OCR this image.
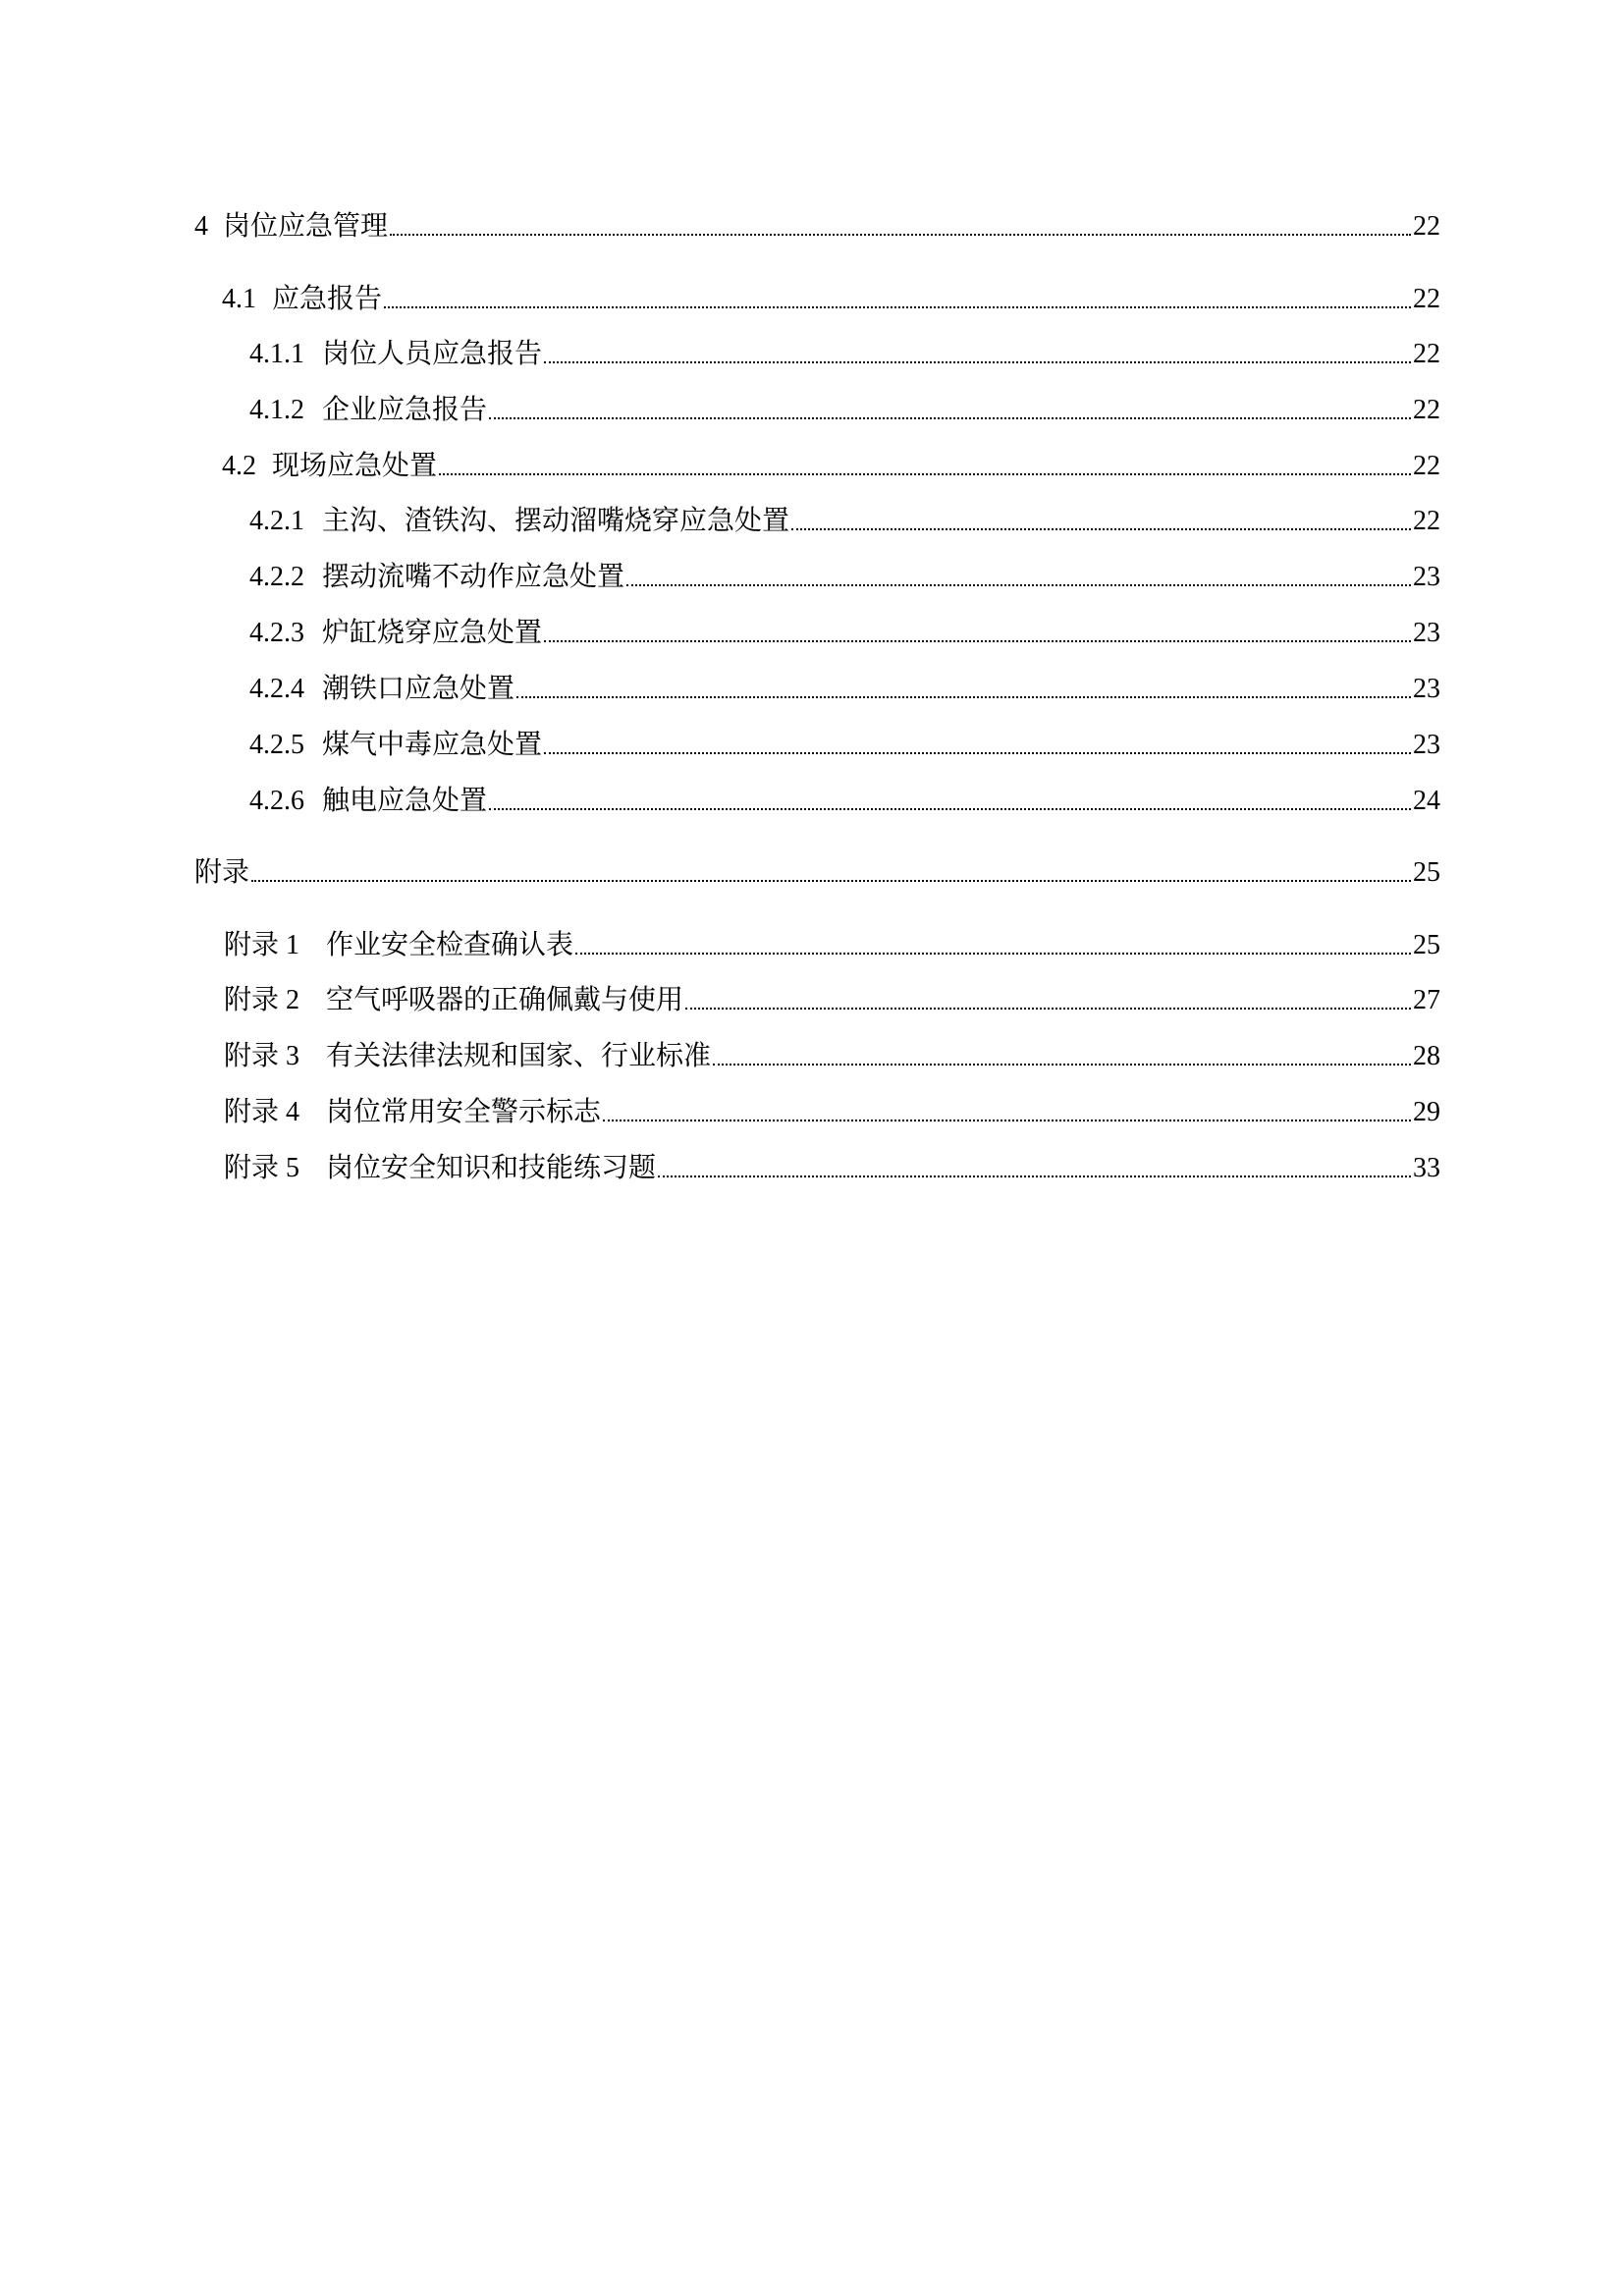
4 岗位应急管理	22
4.1 应急报告	22
4.1.1 岗位人员应急报告	22
4.1.2 企业应急报告	22
4.2 现场应急处置	22
4.2.1 主沟、渣铁沟、摆动溜嘴烧穿应急处置	22
4.2.2 摆动流嘴不动作应急处置	23
4.2.3 炉缸烧穿应急处置	23
4.2.4 潮铁口应急处置	23
4.2.5 煤气中毒应急处置	23
4.2.6 触电应急处置	24
附录	25
附录 1 作业安全检查确认表	25
附录 2 空气呼吸器的正确佩戴与使用	27
附录 3 有关法律法规和国家、行业标准	28
附录 4 岗位常用安全警示标志	29
附录 5 岗位安全知识和技能练习题	33
